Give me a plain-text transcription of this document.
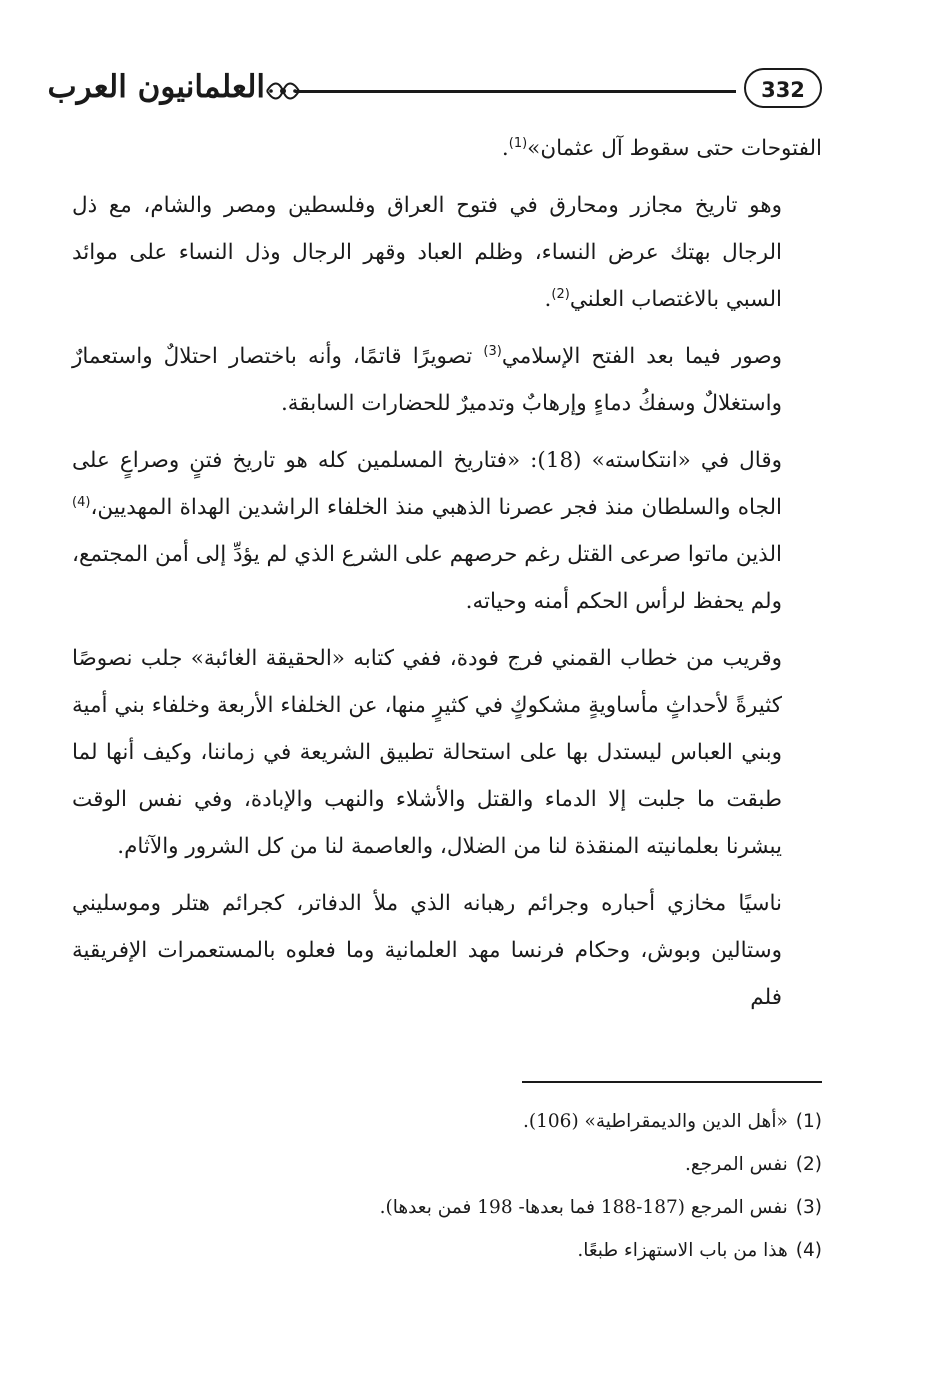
332
العلمانيون العرب

الفتوحات حتى سقوط آل عثمان»$^{(1)}$.

وهو تاريخ مجازر ومحارق في فتوح العراق وفلسطين ومصر والشام، مع ذل الرجال بهتك عرض النساء، وظلم العباد وقهر الرجال وذل النساء على موائد السبي بالاغتصاب العلني$^{(2)}$.

وصور فيما بعد الفتح الإسلامي$^{(3)}$ تصويرًا قاتمًا، وأنه باختصار احتلالٌ واستعمارٌ واستغلالٌ وسفكُ دماءٍ وإرهابٌ وتدميرٌ للحضارات السابقة.

وقال في «انتكاسته» (18): «فتاريخ المسلمين كله هو تاريخ فتنٍ وصراعٍ على الجاه والسلطان منذ فجر عصرنا الذهبي منذ الخلفاء الراشدين الهداة المهديين،$^{(4)}$ الذين ماتوا صرعى القتل رغم حرصهم على الشرع الذي لم يؤدِّ إلى أمن المجتمع، ولم يحفظ لرأس الحكم أمنه وحياته.

وقريب من خطاب القمني فرج فودة، ففي كتابه «الحقيقة الغائبة» جلب نصوصًا كثيرةً لأحداثٍ مأساويةٍ مشكوكٍ في كثيرٍ منها، عن الخلفاء الأربعة وخلفاء بني أمية وبني العباس ليستدل بها على استحالة تطبيق الشريعة في زماننا، وكيف أنها لما طبقت ما جلبت إلا الدماء والقتل والأشلاء والنهب والإبادة، وفي نفس الوقت يبشرنا بعلمانيته المنقذة لنا من الضلال، والعاصمة لنا من كل الشرور والآثام.

ناسيًا مخازي أحباره وجرائم رهبانه الذي ملأ الدفاتر، كجرائم هتلر وموسليني وستالين وبوش، وحكام فرنسا مهد العلمانية وما فعلوه بالمستعمرات الإفريقية فلم

(1)«أهل الدين والديمقراطية» (106).

(2)نفس المرجع.

(3)نفس المرجع (187-188 فما بعدها- 198 فمن بعدها).

(4)هذا من باب الاستهزاء طبعًا.
